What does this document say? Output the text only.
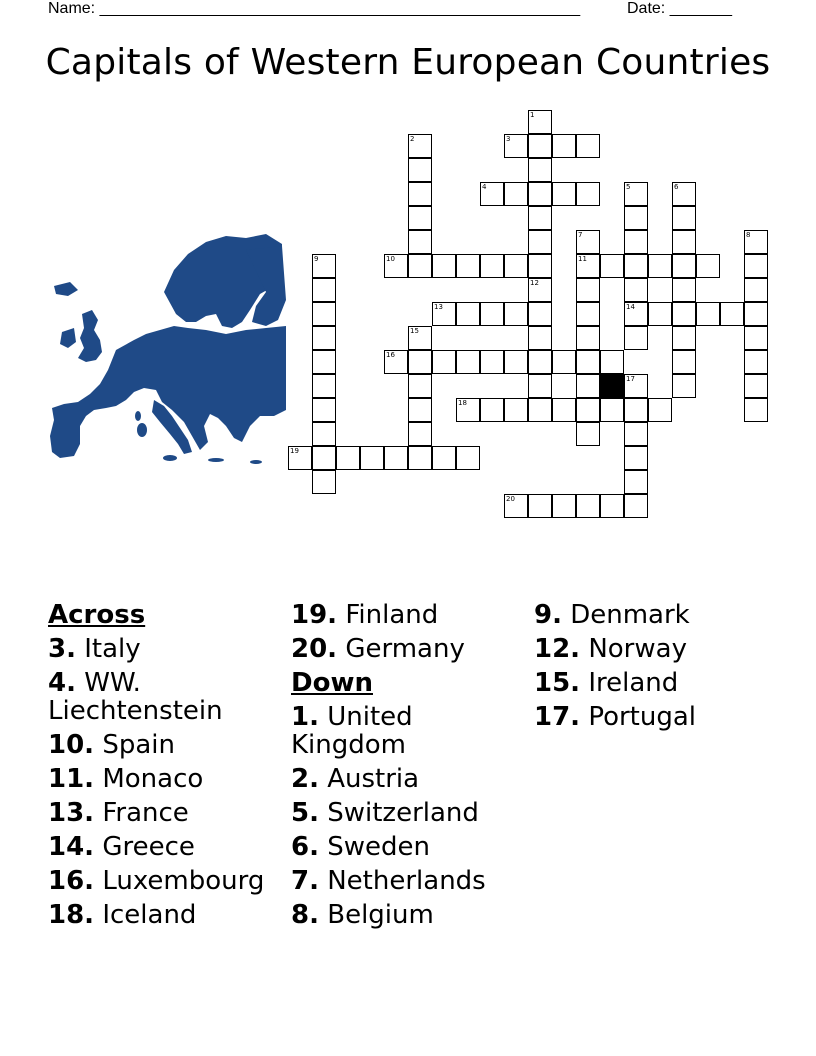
Name: ______________________________________________________	Date: _______
Capitals of Western European Countries
1
2	3
4	5	6
7	8
9	10	11
12
13	14
15
16
17
18
19
20
Across
3. Italy
4. WW. Liechtenstein
10. Spain
11. Monaco
13. France
14. Greece
16. Luxembourg
18. Iceland
19. Finland
20. Germany
Down
1. United Kingdom
2. Austria
5. Switzerland
6. Sweden
7. Netherlands
8. Belgium
9. Denmark
12. Norway
15. Ireland
17. Portugal
